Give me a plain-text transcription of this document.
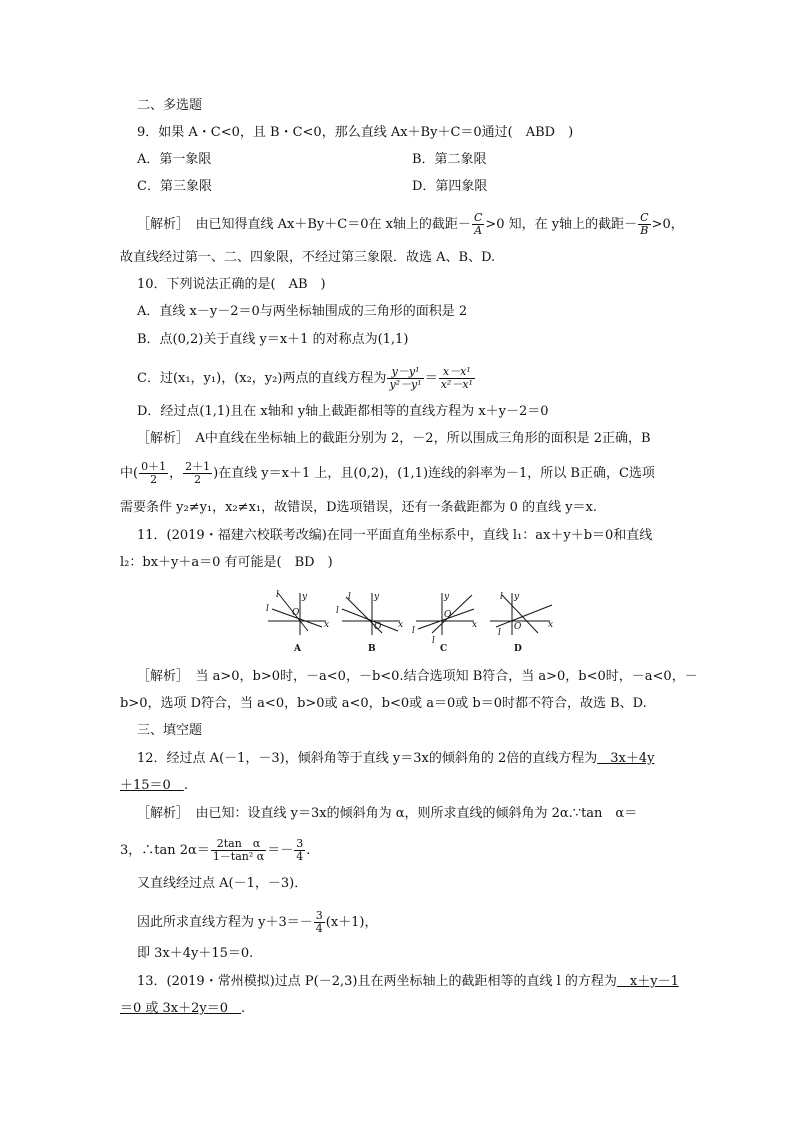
二、多选题
9．如果 A・C<0，且 B・C<0，那么直线 Ax＋By＋C＝0通过(　ABD　)
A．第一象限	B．第二象限
C．第三象限	D．第四象限
［解析］　由已知得直线 Ax＋By＋C＝0在 x轴上的截距－ $\frac{C}{A} >0$ 知，在 y轴上的截距－ $\frac{C}{B} >0$，
故直线经过第一、二、四象限，不经过第三象限．故选 A、B、D.
10．下列说法正确的是(　AB　)
A．直线 x－y－2＝0与两坐标轴围成的三角形的面积是 2
B．点(0,2)关于直线 y＝x＋1 的对称点为(1,1)
C．过(x₁，y₁)，(x₂，y₂)两点的直线方程为 $\frac{\text{y－y¹}}{\text{y²－y¹}} = \frac{\text{x－x¹}}{\text{x²－x¹}}$
D．经过点(1,1)且在 x轴和 y轴上截距都相等的直线方程为 x＋y－2＝0
［解析］　A中直线在坐标轴上的截距分别为 2，－2，所以围成三角形的面积是 2正确，B
中( $\frac{0+1}{2}$ ， $\frac{2+1}{2}$ )在直线 y＝x＋1 上，且(0,2)，(1,1)连线的斜率为－1，所以 B正确，C选项
需要条件 y₂≠y₁，x₂≠x₁，故错误，D选项错误，还有一条截距都为 0 的直线 y＝x.
11．(2019・福建六校联考改编)在同一平面直角坐标系中，直线 l₁：ax＋y＋b＝0和直线
l₂：bx＋y＋a＝0 有可能是(　BD　)
x
y
O
l
l
x
y
O
l
l
x
y
O
l
l
x
y
O
l
l
A	B	C	D
［解析］　当 a>0，b>0时，－a<0，－b<0.结合选项知 B符合，当 a>0，b<0时，－a<0，－
b>0，选项 D符合，当 a<0，b>0或 a<0，b<0或 a＝0或 b＝0时都不符合，故选 B、D.
三、填空题
12．经过点 A(－1，－3)，倾斜角等于直线 y＝3x的倾斜角的 2倍的直线方程为　3x＋4y
＋15＝0　.
［解析］　由已知：设直线 y＝3x的倾斜角为 α，则所求直线的倾斜角为 2α.∵tan　α＝
3，∴tan $2\alpha= \frac{\text{2tan　α}}{\text{1－tan² α}} =- \frac{3}{4}$ .
又直线经过点 A(－1，－3)．
因此所求直线方程为 $y+3=- \frac{3}{4} (x+1)$，
即 3x＋4y＋15＝0.
13．(2019・常州模拟)过点 P(－2,3)且在两坐标轴上的截距相等的直线 l 的方程为　x＋y－1
＝0 或 3x＋2y＝0　.
